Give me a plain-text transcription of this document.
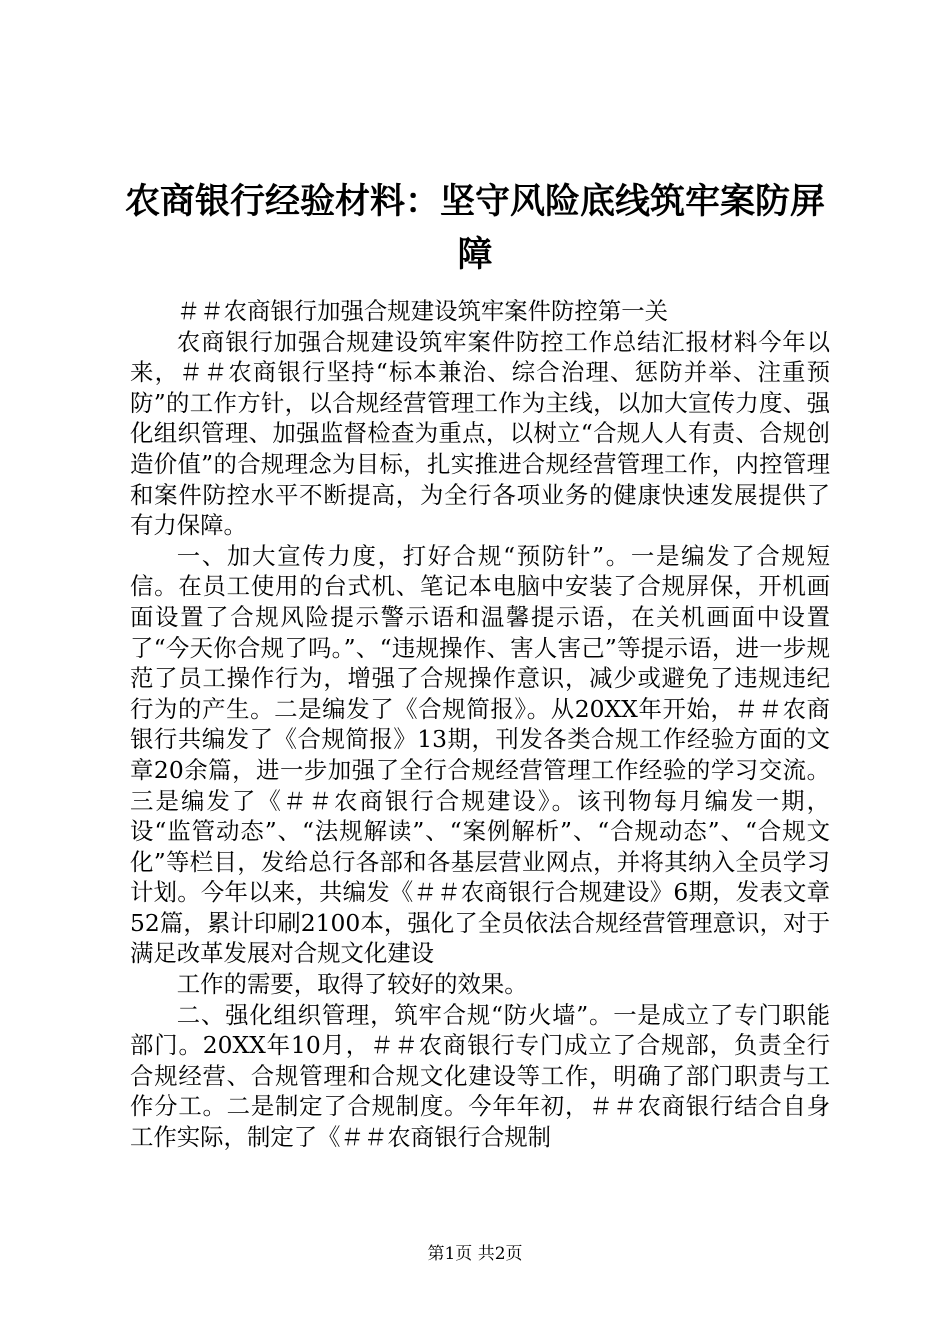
农商银行经验材料：坚守风险底线筑牢案防屏障

＃＃农商银行加强合规建设筑牢案件防控第一关

农商银行加强合规建设筑牢案件防控工作总结汇报材料今年以来，＃＃农商银行坚持“标本兼治、综合治理、惩防并举、注重预防”的工作方针，以合规经营管理工作为主线，以加大宣传力度、强化组织管理、加强监督检查为重点，以树立“合规人人有责、合规创造价值”的合规理念为目标，扎实推进合规经营管理工作，内控管理和案件防控水平不断提高，为全行各项业务的健康快速发展提供了有力保障。

一、加大宣传力度，打好合规“预防针”。一是编发了合规短信。在员工使用的台式机、笔记本电脑中安装了合规屏保，开机画面设置了合规风险提示警示语和温馨提示语，在关机画面中设置了“今天你合规了吗。”、“违规操作、害人害己”等提示语，进一步规范了员工操作行为，增强了合规操作意识，减少或避免了违规违纪行为的产生。二是编发了《合规简报》。从20XX年开始，＃＃农商银行共编发了《合规简报》13期，刊发各类合规工作经验方面的文章20余篇，进一步加强了全行合规经营管理工作经验的学习交流。三是编发了《＃＃农商银行合规建设》。该刊物每月编发一期，设“监管动态”、“法规解读”、“案例解析”、“合规动态”、“合规文化”等栏目，发给总行各部和各基层营业网点，并将其纳入全员学习计划。今年以来，共编发《＃＃农商银行合规建设》6期，发表文章52篇，累计印刷2100本，强化了全员依法合规经营管理意识，对于满足改革发展对合规文化建设

工作的需要，取得了较好的效果。

二、强化组织管理，筑牢合规“防火墙”。一是成立了专门职能部门。20XX年10月，＃＃农商银行专门成立了合规部，负责全行合规经营、合规管理和合规文化建设等工作，明确了部门职责与工作分工。二是制定了合规制度。今年年初，＃＃农商银行结合自身工作实际，制定了《＃＃农商银行合规制

第1页 共2页
